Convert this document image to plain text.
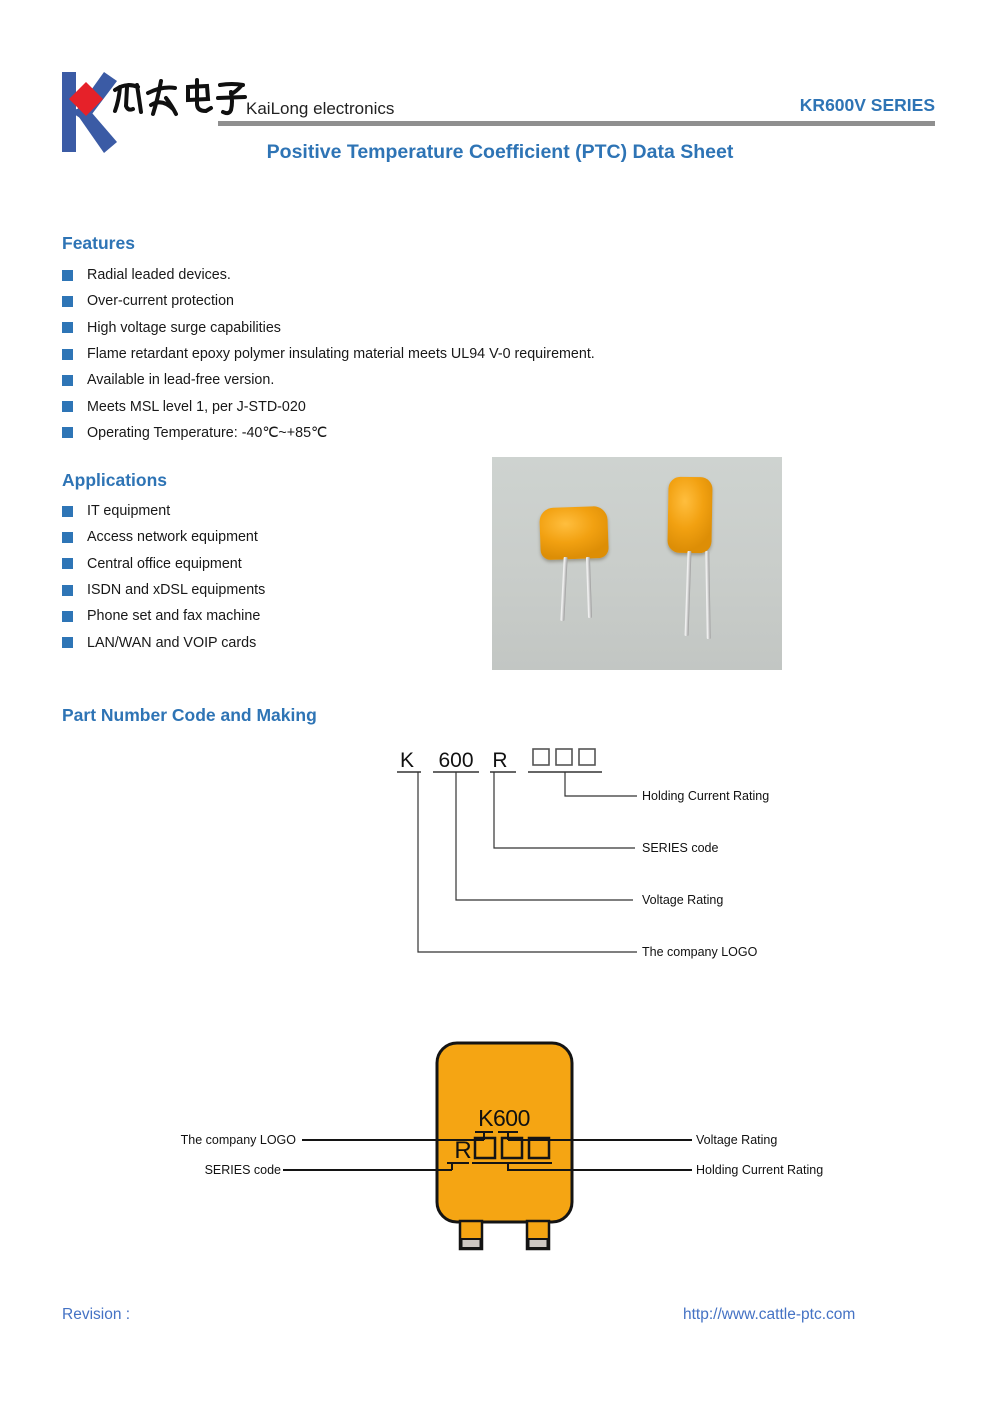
KaiLong electronics	KR600V SERIES
Positive Temperature Coefficient (PTC) Data Sheet
Features
Radial leaded devices.
Over-current protection
High voltage surge capabilities
Flame retardant epoxy polymer insulating material meets UL94 V-0 requirement.
Available in lead-free version.
Meets MSL level 1, per J-STD-020
Operating Temperature: -40℃~+85℃
Applications
IT equipment
Access network equipment
Central office equipment
ISDN and xDSL equipments
Phone set and fax machine
LAN/WAN and VOIP cards
Part Number Code and Making
K 600 R
Holding Current Rating
SERIES code
Voltage Rating
The company LOGO
K600
R
The company LOGO
SERIES code
Voltage Rating
Holding Current Rating
Revision :	http://www.cattle-ptc.com
